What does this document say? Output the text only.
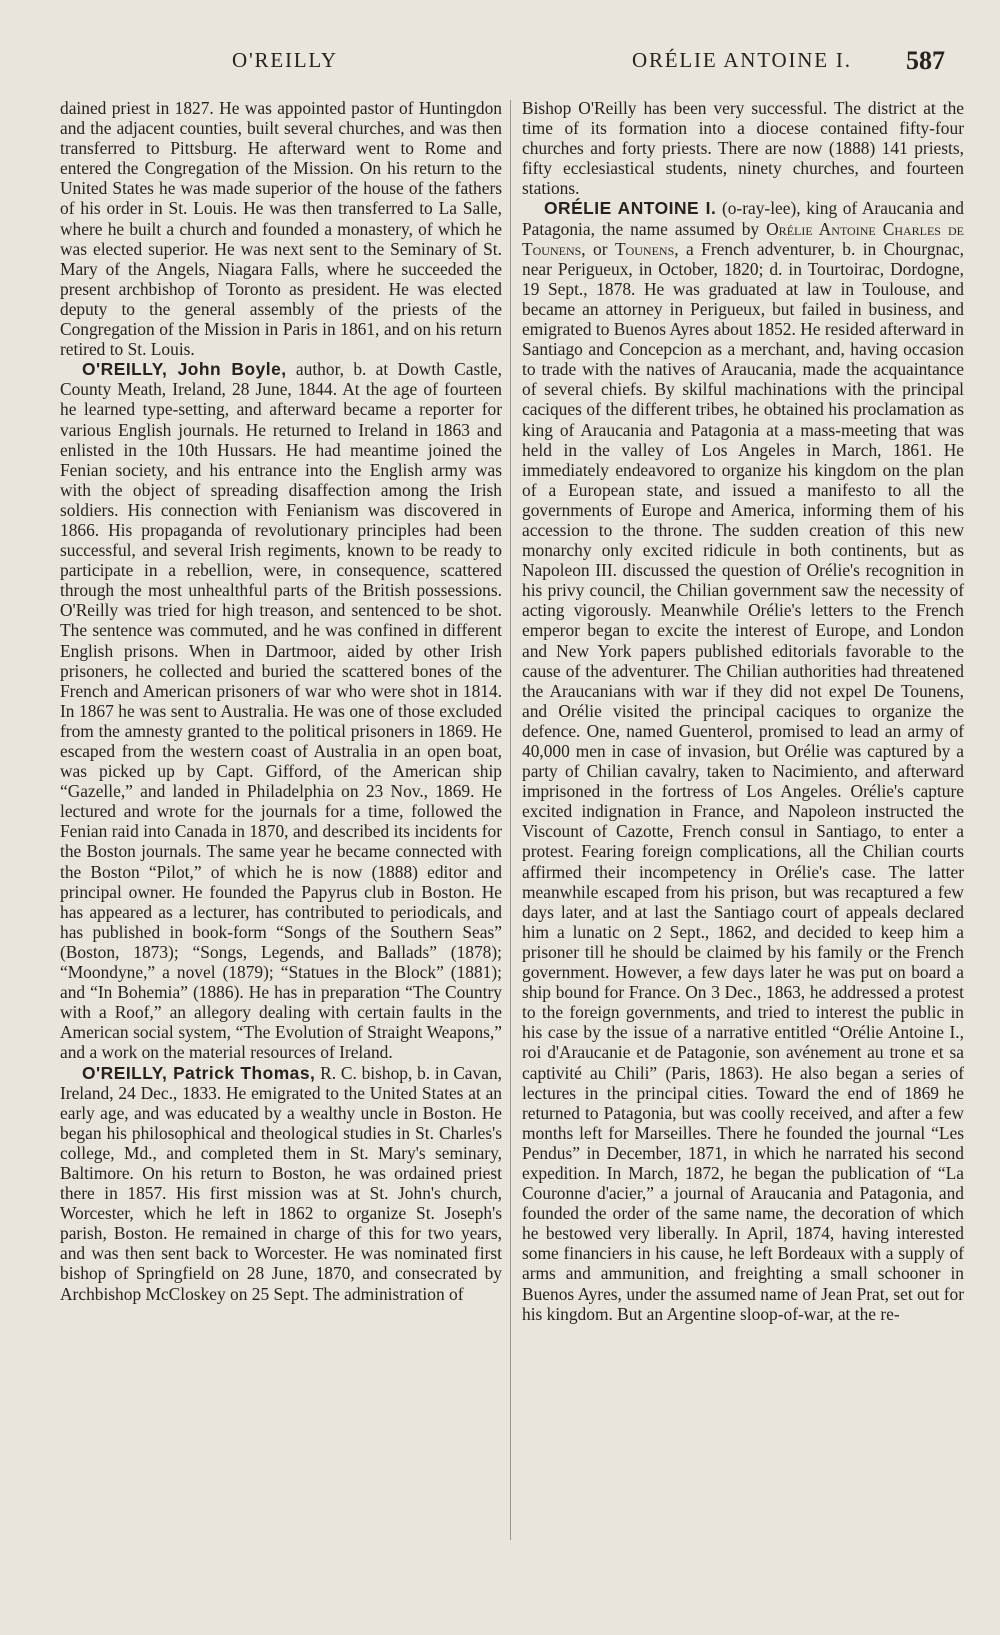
O'REILLY	ORÉLIE ANTOINE I. 587

dained priest in 1827. He was appointed pastor of Huntingdon and the adjacent counties, built several churches, and was then transferred to Pittsburg. He afterward went to Rome and entered the Congregation of the Mission. On his return to the United States he was made superior of the house of the fathers of his order in St. Louis. He was then transferred to La Salle, where he built a church and founded a monastery, of which he was elected superior. He was next sent to the Seminary of St. Mary of the Angels, Niagara Falls, where he succeeded the present archbishop of Toronto as president. He was elected deputy to the general assembly of the priests of the Congregation of the Mission in Paris in 1861, and on his return retired to St. Louis.

O'REILLY, John Boyle, author, b. at Dowth Castle, County Meath, Ireland, 28 June, 1844. At the age of fourteen he learned type-setting, and afterward became a reporter for various English journals. He returned to Ireland in 1863 and enlisted in the 10th Hussars. He had meantime joined the Fenian society, and his entrance into the English army was with the object of spreading disaffection among the Irish soldiers. His connection with Fenianism was discovered in 1866. His propaganda of revolutionary principles had been successful, and several Irish regiments, known to be ready to participate in a rebellion, were, in consequence, scattered through the most unhealthful parts of the British possessions. O'Reilly was tried for high treason, and sentenced to be shot. The sentence was commuted, and he was confined in different English prisons. When in Dartmoor, aided by other Irish prisoners, he collected and buried the scattered bones of the French and American prisoners of war who were shot in 1814. In 1867 he was sent to Australia. He was one of those excluded from the amnesty granted to the political prisoners in 1869. He escaped from the western coast of Australia in an open boat, was picked up by Capt. Gifford, of the American ship “Gazelle,” and landed in Philadelphia on 23 Nov., 1869. He lectured and wrote for the journals for a time, followed the Fenian raid into Canada in 1870, and described its incidents for the Boston journals. The same year he became connected with the Boston “Pilot,” of which he is now (1888) editor and principal owner. He founded the Papyrus club in Boston. He has appeared as a lecturer, has contributed to periodicals, and has published in book-form “Songs of the Southern Seas” (Boston, 1873); “Songs, Legends, and Ballads” (1878); “Moondyne,” a novel (1879); “Statues in the Block” (1881); and “In Bohemia” (1886). He has in preparation “The Country with a Roof,” an allegory dealing with certain faults in the American social system, “The Evolution of Straight Weapons,” and a work on the material resources of Ireland.

O'REILLY, Patrick Thomas, R. C. bishop, b. in Cavan, Ireland, 24 Dec., 1833. He emigrated to the United States at an early age, and was educated by a wealthy uncle in Boston. He began his philosophical and theological studies in St. Charles's college, Md., and completed them in St. Mary's seminary, Baltimore. On his return to Boston, he was ordained priest there in 1857. His first mission was at St. John's church, Worcester, which he left in 1862 to organize St. Joseph's parish, Boston. He remained in charge of this for two years, and was then sent back to Worcester. He was nominated first bishop of Springfield on 28 June, 1870, and consecrated by Archbishop McCloskey on 25 Sept. The administration of

Bishop O'Reilly has been very successful. The district at the time of its formation into a diocese contained fifty-four churches and forty priests. There are now (1888) 141 priests, fifty ecclesiastical students, ninety churches, and fourteen stations.

ORÉLIE ANTOINE I. (o-ray-lee), king of Araucania and Patagonia, the name assumed by Orélie Antoine Charles de Tounens, or Tounens, a French adventurer, b. in Chourgnac, near Perigueux, in October, 1820; d. in Tourtoirac, Dordogne, 19 Sept., 1878. He was graduated at law in Toulouse, and became an attorney in Perigueux, but failed in business, and emigrated to Buenos Ayres about 1852. He resided afterward in Santiago and Concepcion as a merchant, and, having occasion to trade with the natives of Araucania, made the acquaintance of several chiefs. By skilful machinations with the principal caciques of the different tribes, he obtained his proclamation as king of Araucania and Patagonia at a mass-meeting that was held in the valley of Los Angeles in March, 1861. He immediately endeavored to organize his kingdom on the plan of a European state, and issued a manifesto to all the governments of Europe and America, informing them of his accession to the throne. The sudden creation of this new monarchy only excited ridicule in both continents, but as Napoleon III. discussed the question of Orélie's recognition in his privy council, the Chilian government saw the necessity of acting vigorously. Meanwhile Orélie's letters to the French emperor began to excite the interest of Europe, and London and New York papers published editorials favorable to the cause of the adventurer. The Chilian authorities had threatened the Araucanians with war if they did not expel De Tounens, and Orélie visited the principal caciques to organize the defence. One, named Guenterol, promised to lead an army of 40,000 men in case of invasion, but Orélie was captured by a party of Chilian cavalry, taken to Nacimiento, and afterward imprisoned in the fortress of Los Angeles. Orélie's capture excited indignation in France, and Napoleon instructed the Viscount of Cazotte, French consul in Santiago, to enter a protest. Fearing foreign complications, all the Chilian courts affirmed their incompetency in Orélie's case. The latter meanwhile escaped from his prison, but was recaptured a few days later, and at last the Santiago court of appeals declared him a lunatic on 2 Sept., 1862, and decided to keep him a prisoner till he should be claimed by his family or the French government. However, a few days later he was put on board a ship bound for France. On 3 Dec., 1863, he addressed a protest to the foreign governments, and tried to interest the public in his case by the issue of a narrative entitled “Orélie Antoine I., roi d'Araucanie et de Patagonie, son avénement au trone et sa captivité au Chili” (Paris, 1863). He also began a series of lectures in the principal cities. Toward the end of 1869 he returned to Patagonia, but was coolly received, and after a few months left for Marseilles. There he founded the journal “Les Pendus” in December, 1871, in which he narrated his second expedition. In March, 1872, he began the publication of “La Couronne d'acier,” a journal of Araucania and Patagonia, and founded the order of the same name, the decoration of which he bestowed very liberally. In April, 1874, having interested some financiers in his cause, he left Bordeaux with a supply of arms and ammunition, and freighting a small schooner in Buenos Ayres, under the assumed name of Jean Prat, set out for his kingdom. But an Argentine sloop-of-war, at the re-
